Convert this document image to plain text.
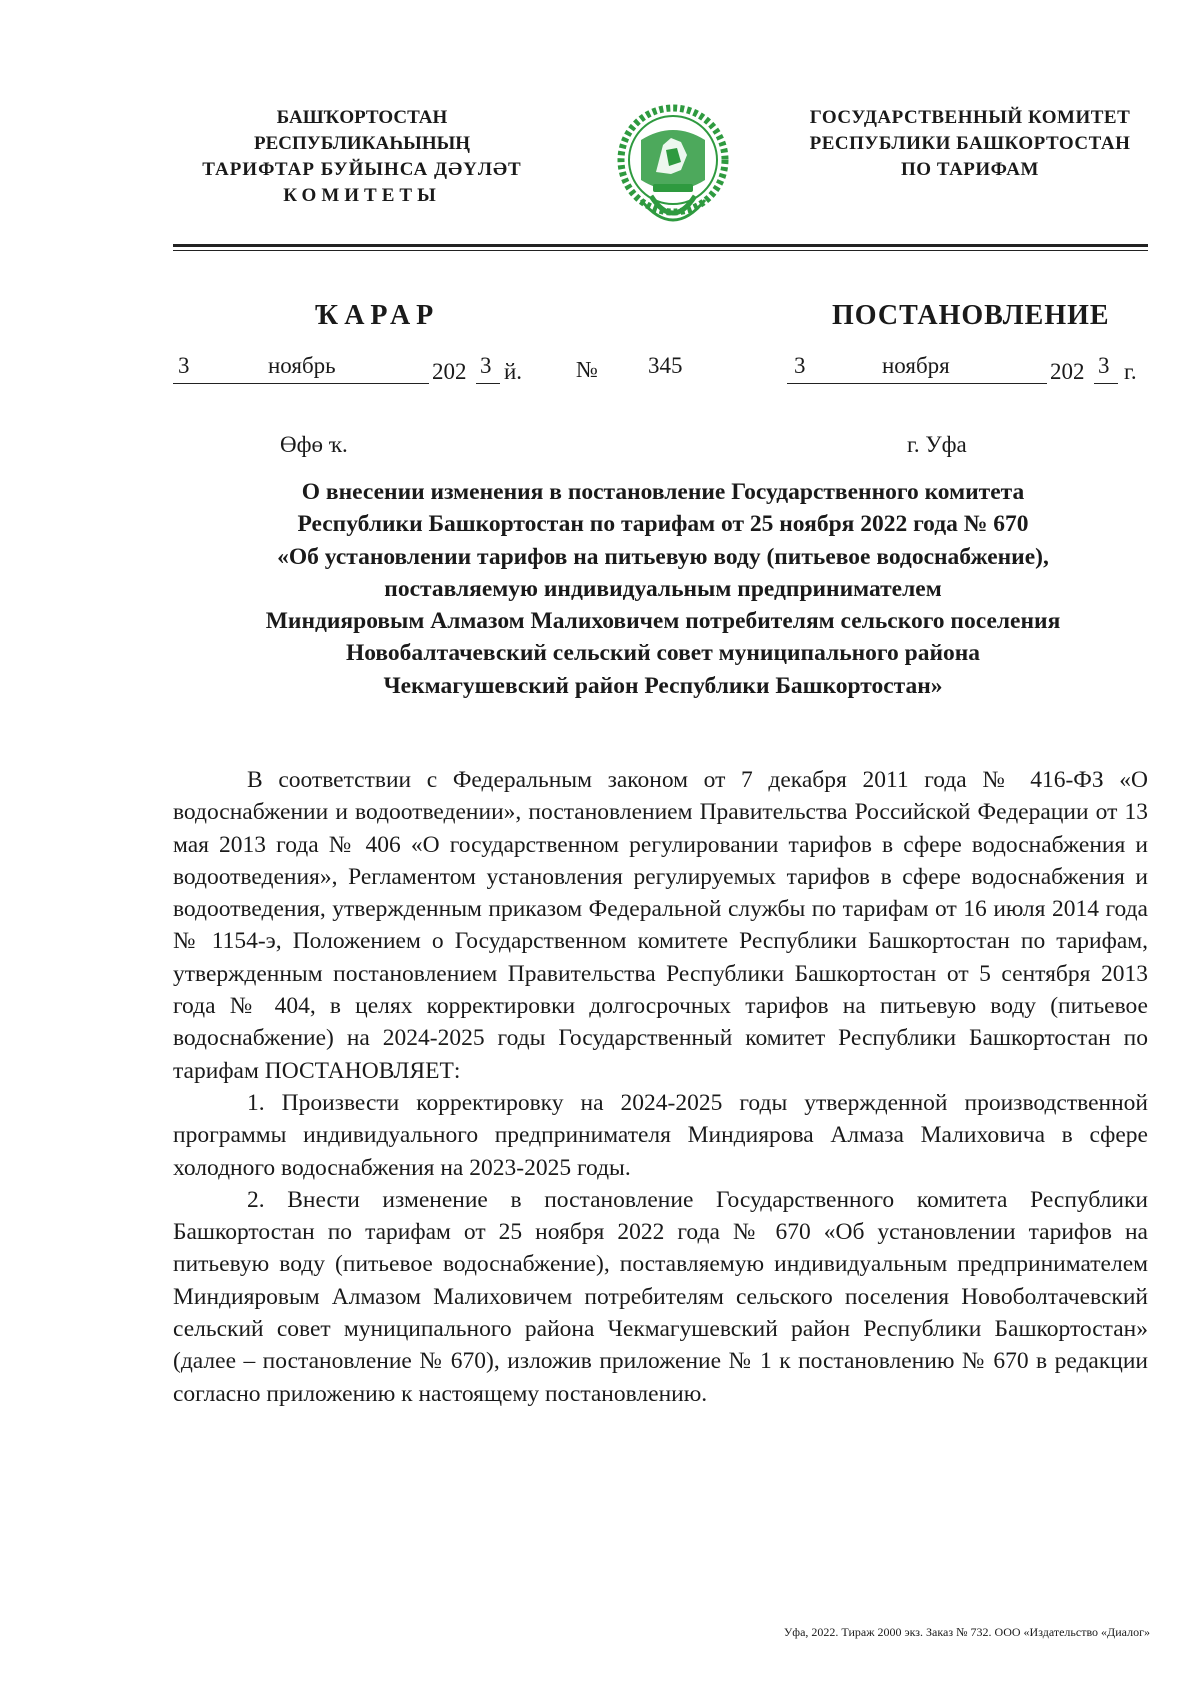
БАШҠОРТОСТАН РЕСПУБЛИКАҺЫНЫҢ
ТАРИФТАР БУЙЫНСА ДӘҮЛӘТ
КОМИТЕТЫ
ГОСУДАРСТВЕННЫЙ КОМИТЕТ
РЕСПУБЛИКИ БАШКОРТОСТАН
ПО ТАРИФАМ
ҠАРАР	ПОСТАНОВЛЕНИЕ
3	ноябрь	202 3 й. № 345	3	ноября	202 3 г.
Өфө ҡ.	г. Уфа
О внесении изменения в постановление Государственного комитета
Республики Башкортостан по тарифам от 25 ноября 2022 года № 670
«Об установлении тарифов на питьевую воду (питьевое водоснабжение),
поставляемую индивидуальным предпринимателем
Миндияровым Алмазом Малиховичем потребителям сельского поселения
Новобалтачевский сельский совет муниципального района
Чекмагушевский район Республики Башкортостан»

В соответствии с Федеральным законом от 7 декабря 2011 года № 416-ФЗ «О водоснабжении и водоотведении», постановлением Правительства Российской Федерации от 13 мая 2013 года № 406 «О государственном регулировании тарифов в сфере водоснабжения и водоотведения», Регламентом установления регулируемых тарифов в сфере водоснабжения и водоотведения, утвержденным приказом Федеральной службы по тарифам от 16 июля 2014 года № 1154-э, Положением о Государственном комитете Республики Башкортостан по тарифам, утвержденным постановлением Правительства Республики Башкортостан от 5 сентября 2013 года № 404, в целях корректировки долгосрочных тарифов на питьевую воду (питьевое водоснабжение) на 2024-2025 годы Государственный комитет Республики Башкортостан по тарифам ПОСТАНОВЛЯЕТ:

1. Произвести корректировку на 2024-2025 годы утвержденной производственной программы индивидуального предпринимателя Миндиярова Алмаза Малиховича в сфере холодного водоснабжения на 2023-2025 годы.

2. Внести изменение в постановление Государственного комитета Республики Башкортостан по тарифам от 25 ноября 2022 года № 670 «Об установлении тарифов на питьевую воду (питьевое водоснабжение), поставляемую индивидуальным предпринимателем Миндияровым Алмазом Малиховичем потребителям сельского поселения Новоболтачевский сельский совет муниципального района Чекмагушевский район Республики Башкортостан» (далее – постановление № 670), изложив приложение № 1 к постановлению № 670 в редакции согласно приложению к настоящему постановлению.

Уфа, 2022. Тираж 2000 экз. Заказ № 732. ООО «Издательство «Диалог»
